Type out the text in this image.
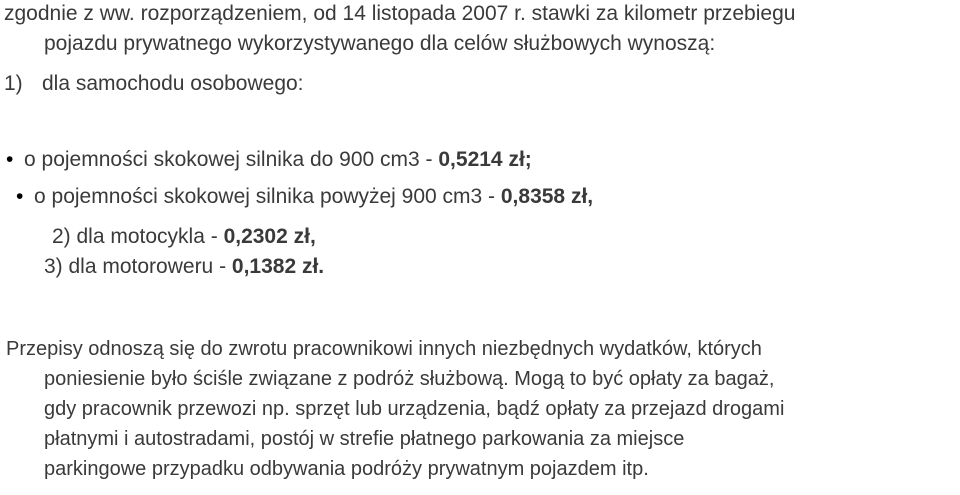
zgodnie z ww. rozporządzeniem, od 14 listopada 2007 r. stawki za kilometr przebiegu
pojazdu prywatnego wykorzystywanego dla celów służbowych wynoszą:
1) dla samochodu osobowego:
• o pojemności skokowej silnika do 900 cm3 - 0,5214 zł;
• o pojemności skokowej silnika powyżej 900 cm3 - 0,8358 zł,
2) dla motocykla - 0,2302 zł,
3) dla motoroweru - 0,1382 zł.
Przepisy odnoszą się do zwrotu pracownikowi innych niezbędnych wydatków, których
poniesienie było ściśle związane z podróż służbową. Mogą to być opłaty za bagaż,
gdy pracownik przewozi np. sprzęt lub urządzenia, bądź opłaty za przejazd drogami
płatnymi i autostradami, postój w strefie płatnego parkowania za miejsce
parkingowe przypadku odbywania podróży prywatnym pojazdem itp.
